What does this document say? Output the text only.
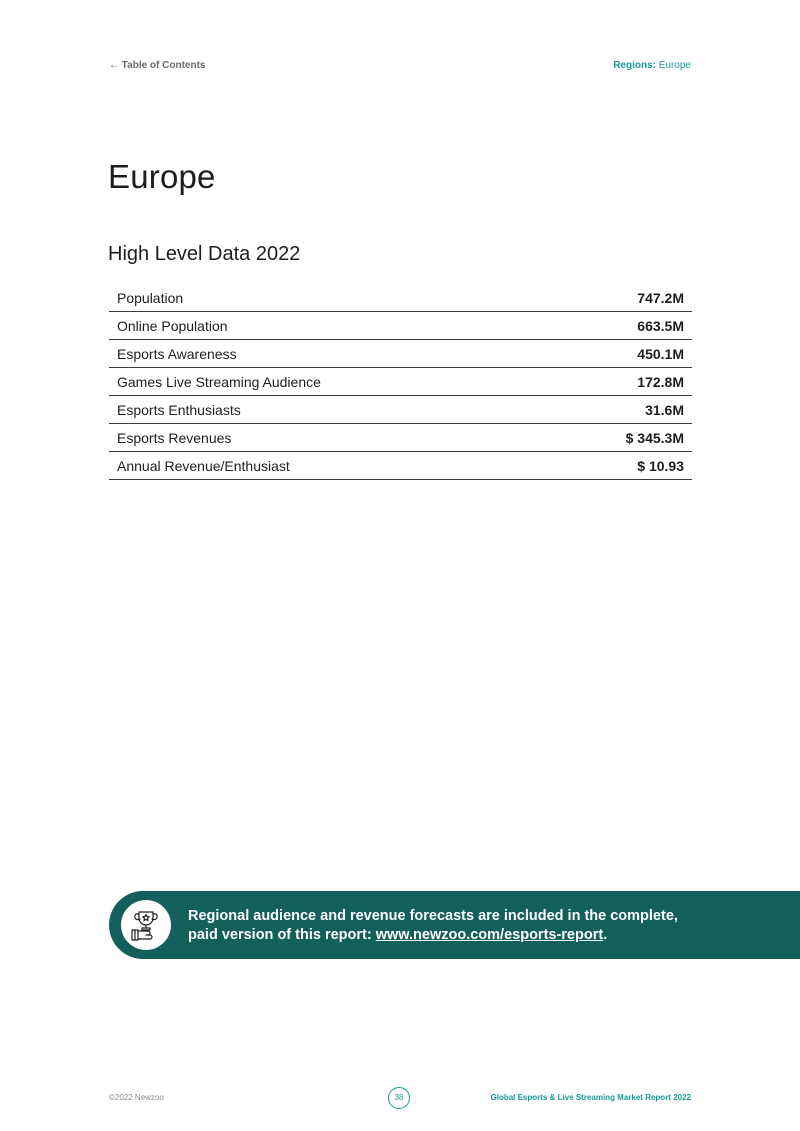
← Table of Contents	Regions: Europe
Europe
High Level Data 2022
Population	747.2M
Online Population	663.5M
Esports Awareness	450.1M
Games Live Streaming Audience	172.8M
Esports Enthusiasts	31.6M
Esports Revenues	$ 345.3M
Annual Revenue/Enthusiast	$ 10.93

Regional audience and revenue forecasts are included in the complete,
paid version of this report: www.newzoo.com/esports-report.

©2022 Newzoo	38	Global Esports & Live Streaming Market Report 2022
